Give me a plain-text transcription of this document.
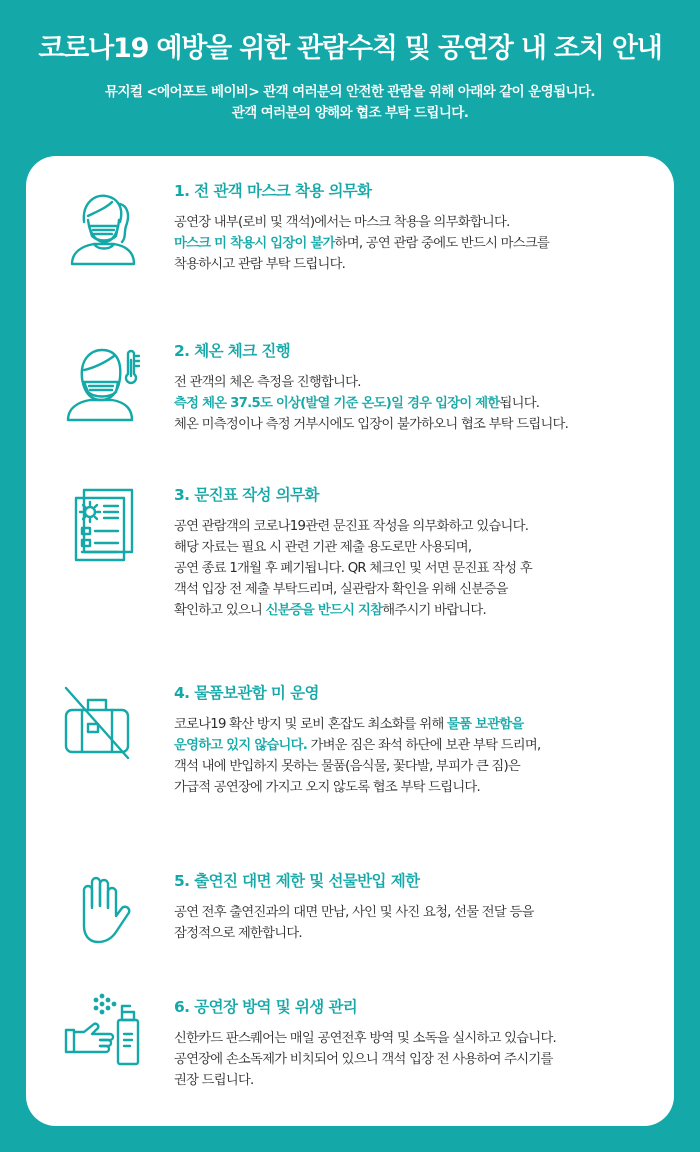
코로나19 예방을 위한 관람수칙 및 공연장 내 조치 안내
뮤지컬 <에어포트 베이비> 관객 여러분의 안전한 관람을 위해 아래와 같이 운영됩니다.
관객 여러분의 양해와 협조 부탁 드립니다.
1. 전 관객 마스크 착용 의무화
공연장 내부(로비 및 객석)에서는 마스크 착용을 의무화합니다.
마스크 미 착용시 입장이 불가하며, 공연 관람 중에도 반드시 마스크를
착용하시고 관람 부탁 드립니다.
2. 체온 체크 진행
전 관객의 체온 측정을 진행합니다.
측정 체온 37.5도 이상(발열 기준 온도)일 경우 입장이 제한됩니다.
체온 미측정이나 측정 거부시에도 입장이 불가하오니 협조 부탁 드립니다.
3. 문진표 작성 의무화
공연 관람객의 코로나19관련 문진표 작성을 의무화하고 있습니다.
해당 자료는 필요 시 관련 기관 제출 용도로만 사용되며,
공연 종료 1개월 후 폐기됩니다. QR 체크인 및 서면 문진표 작성 후
객석 입장 전 제출 부탁드리며, 실관람자 확인을 위해 신분증을
확인하고 있으니 신분증을 반드시 지참해주시기 바랍니다.
4. 물품보관함 미 운영
코로나19 확산 방지 및 로비 혼잡도 최소화를 위해 물품 보관함을
운영하고 있지 않습니다. 가벼운 짐은 좌석 하단에 보관 부탁 드리며,
객석 내에 반입하지 못하는 물품(음식물, 꽃다발, 부피가 큰 짐)은
가급적 공연장에 가지고 오지 않도록 협조 부탁 드립니다.
5. 출연진 대면 제한 및 선물반입 제한
공연 전후 출연진과의 대면 만남, 사인 및 사진 요청, 선물 전달 등을
잠정적으로 제한합니다.
6. 공연장 방역 및 위생 관리
신한카드 판스퀘어는 매일 공연전후 방역 및 소독을 실시하고 있습니다.
공연장에 손소독제가 비치되어 있으니 객석 입장 전 사용하여 주시기를
권장 드립니다.
